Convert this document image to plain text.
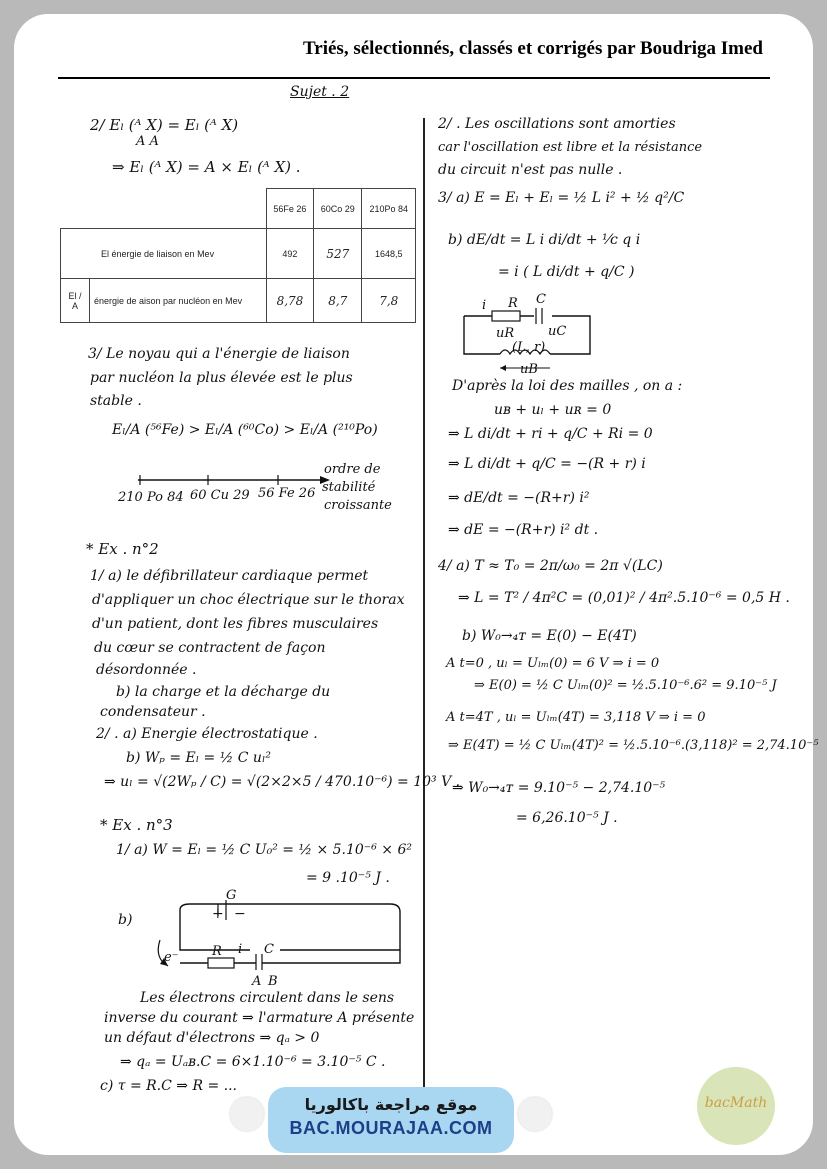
Triés, sélectionnés, classés et corrigés par Boudriga Imed
Sujet . 2
2/ Eₗ (ᴬ X) = Eₗ (ᴬ X)
A A
⇒ Eₗ (ᴬ X) = A × Eₗ (ᴬ X) .
		56Fe 26	60Co 29	210Po 84
El énergie de liaison en Mev		492	527	1648,5
El / A	énergie de aison par nucléon en Mev	8,78	8,7	7,8
3/ Le noyau qui a l'énergie de liaison
par nucléon la plus élevée est le plus
stable .
Eₗ/A (⁵⁶Fe) > Eₗ/A (⁶⁰Co) > Eₗ/A (²¹⁰Po)
ordre de
stabilité
croissante
210 Po 84 60 Cu 29 56 Fe 26
* Ex . n°2
1/ a) le défibrillateur cardiaque permet
d'appliquer un choc électrique sur le thorax
d'un patient, dont les fibres musculaires
du cœur se contractent de façon
désordonnée .
b) la charge et la décharge du
condensateur .
2/ . a) Energie électrostatique .
b) Wₚ = Eₗ = ½ C uₗ²
⇒ uₗ = √(2Wₚ / C) = √(2×2×5 / 470.10⁻⁶) = 10³ V .
* Ex . n°3
1/ a) W = Eₗ = ½ C U₀² = ½ × 5.10⁻⁶ × 6²
= 9 .10⁻⁵ J .
b)	+ −
G
R i C
A B
e⁻
Les électrons circulent dans le sens
inverse du courant ⇒ l'armature A présente
un défaut d'électrons ⇒ qₐ > 0
⇒ qₐ = Uₐʙ.C = 6×1.10⁻⁶ = 3.10⁻⁵ C .
c) τ = R.C ⇒ R = ...
2/ . Les oscillations sont amorties
car l'oscillation est libre et la résistance
du circuit n'est pas nulle .
3/ a) E = Eₗ + Eₗ = ½ L i² + ½ q²/C
b) dE/dt = L i di/dt + ¹⁄ᴄ q i
= i ( L di/dt + q/C )
i R C
uR	uC
(L, r)
uB
D'après la loi des mailles , on a :
uʙ + uₗ + uʀ = 0
⇒ L di/dt + ri + q/C + Ri = 0
⇒ L di/dt + q/C = −(R + r) i
⇒ dE/dt = −(R+r) i²
⇒ dE = −(R+r) i² dt .
4/ a) T ≈ T₀ = 2π/ω₀ = 2π √(LC)
⇒ L = T² / 4π²C = (0,01)² / 4π².5.10⁻⁶ = 0,5 H .
b) W₀→₄ᴛ = E(0) − E(4T)
A t=0 , uₗ = Uₗₘ(0) = 6 V ⇒ i = 0
⇒ E(0) = ½ C Uₗₘ(0)² = ½.5.10⁻⁶.6² = 9.10⁻⁵ J
A t=4T , uₗ = Uₗₘ(4T) = 3,118 V ⇒ i = 0
⇒ E(4T) = ½ C Uₗₘ(4T)² = ½.5.10⁻⁶.(3,118)² = 2,74.10⁻⁵
⇒ W₀→₄ᴛ = 9.10⁻⁵ − 2,74.10⁻⁵
= 6,26.10⁻⁵ J .
موقع مراجعة باكالوريا
BAC.MOURAJAA.COM
bacMath
